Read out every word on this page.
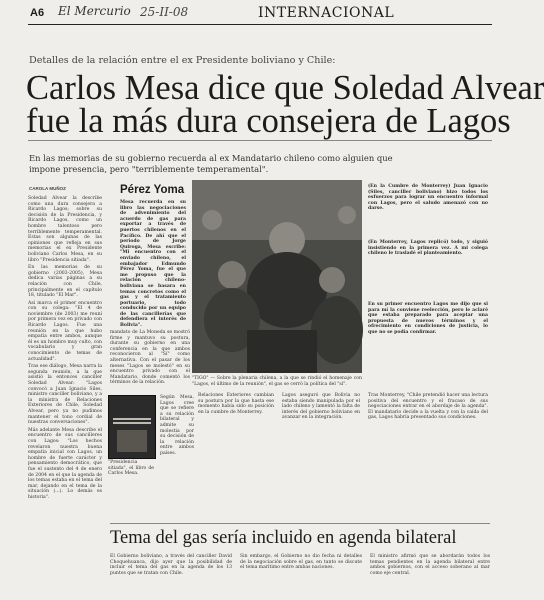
A6 El Mercurio 25-II-08	INTERNACIONAL
Detalles de la relación entre el ex Presidente boliviano y Chile:
Carlos Mesa dice que Soledad Alvear
fue la más dura consejera de Lagos
En las memorias de su gobierno recuerda al ex Mandatario chileno como alguien que
impone presencia, pero "terriblemente temperamental".
CAROLA MUÑOZ

Soledad Alvear la describe como una dura consejera a Ricardo Lagos; sobre su decisión de la Presidencia, y Ricardo Lagos, como un hombre talentoso pero terriblemente temperamental. Estas son algunas de las opiniones que refleja en sus memorias el ex Presidente boliviano Carlos Mesa, en su libro "Presidencia sitiada".

En las memorias de su gobierno (2003-2005), Mesa dedica varias páginas a su relación con Chile, principalmente en el capítulo 18, titulado "El Mar".

Así marca el primer encuentro con su colega: "El 4 de noviembre (de 2003) me reuní por primera vez en privado con Ricardo Lagos. Fue una reunión en la que hubo empatía entre ambos, aunque él es un hombre muy culto, con vocabulario y gran conocimiento de temas de actualidad".

Tras ese diálogo, Mesa narra la segunda reunión, a la que asistió la entonces canciller Soledad Alvear: "Lagos convocó a Juan Ignacio Siles, ministro canciller boliviano, y a la ministra de Relaciones Exteriores de Chile, Soledad Alvear, pero ya no pudimos mantener el tono cordial de nuestras conversaciones".

Más adelante Mesa describe el encuentro de sus cancilleres con Lagos: "Los hechos revelaron nuestra buena empatía inicial con Lagos, un hombre de fuerte carácter y pensamiento democrático, que fue el sustento del 4 de enero de 2004 en el que la agenda de los temas estaba en el tema del mar, dejando en el tema de la situación (...). Lo demás es historia".

Pérez Yoma
Mesa recuerda en su libro las negociaciones de advenimiento del acuerdo de gas para exportar a través de puertos chilenos en el Pacífico. De ahí que el período de Jorge Quiroga, Mesa escribe: "Mi encuentro con el enviado chileno, el embajador Edmundo Pérez Yoma, fue el que me propuso que la relación chileno-boliviana se basara en temas concretos como el gas y el tratamiento portuario, todo conducido por un equipo de las cancillerías que defendiera el interés de Bolivia".
"TIGO" — Sobre la plenaria chilena, a la que se rindió el homenaje con "Lagos, el último de la reunión", el gas se cerró la política del "sí".
mandato de La Moneda se mostró firme y mantuvo su postura, durante su gobierno en una conferencia en la que ambos reconocieron al "Sí" como alternativa. Con el pasar de los meses "Lagos se molestó" en su encuentro privado con el Mandatario, donde comentó los términos de la relación.
"Presidencia sitiada", el libro de Carlos Mesa.
Según Mesa, Lagos cree que se refiere a su relación bilateral y admite su molestia por su decisión de la relación entre ambos países.
Relaciones Exteriores cambian su postura por la que hasta ese momento había sido su posición en la cumbre de Monterrey.
Lagos aseguró que Bolivia no estaba siendo manipulada por el lado chileno y lamentó la falta de interés del gobierno boliviano en avanzar en la integración.
(En la Cumbre de Monterrey) Juan Ignacio (Siles, canciller boliviano) hizo todos los esfuerzos para lograr un encuentro informal con Lagos, pero el saludo amenazó con no darse.
(En Monterrey, Lagos replicó) todo, y siguió insistiendo en la primera vez. A mi colega chileno le trasladé el planteamiento.
En su primer encuentro Lagos me dijo que si para mí la conviene reelección, pero le aclaré que estaba preparado para aceptar una propuesta de nuevos términos y el ofrecimiento en condiciones de justicia, lo que no se podía confirmar.
Tras Monterrey, "Chile pretendió hacer una lectura positiva del encuentro y el fracaso de sus negociaciones entrar en el abordaje de la agenda". El mandatario decide a la vuelta y con la caída del gas, Lagos habría presentado sus condiciones.
Tema del gas sería incluido en agenda bilateral
El Gobierno boliviano, a través del canciller David Choquehuanca, dijo ayer que la posibilidad de incluir el tema del gas en la agenda de los 13 puntos que se tratan con Chile.
Sin embargo, el Gobierno no dio fecha ni detalles de la negociación sobre el gas, en tanto se discute el tema marítimo entre ambas naciones.
El ministro afirmó que se abordarán todos los temas pendientes en la agenda bilateral entre ambos gobiernos, con el acceso soberano al mar como eje central.
